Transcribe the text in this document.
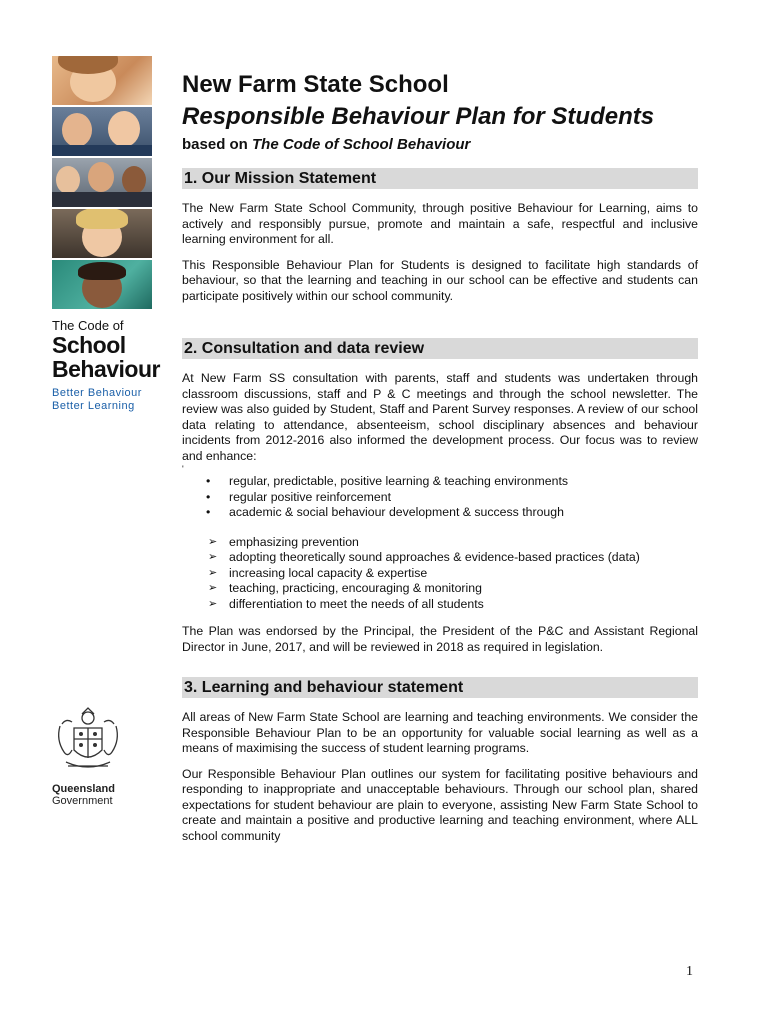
The Code of
School
Behaviour
Better Behaviour
Better Learning
Queensland
Government
New Farm State School
Responsible Behaviour Plan for Students
based on The Code of School Behaviour
1. Our Mission Statement

The New Farm State School Community, through positive Behaviour for Learning, aims to actively and responsibly pursue, promote and maintain a safe, respectful and inclusive learning environment for all.

This Responsible Behaviour Plan for Students is designed to facilitate high standards of behaviour, so that the learning and teaching in our school can be effective and students can participate positively within our school community.

2. Consultation and data review

At New Farm SS consultation with parents, staff and students was undertaken through classroom discussions, staff and P & C meetings and through the school newsletter. The review was also guided by Student, Staff and Parent Survey responses. A review of our school data relating to attendance, absenteeism, school disciplinary absences and behaviour incidents from 2012-2016 also informed the development process. Our focus was to review and enhance:

'
• regular, predictable, positive learning & teaching environments
• regular positive reinforcement
• academic & social behaviour development & success through
➢ emphasizing prevention
➢ adopting theoretically sound approaches & evidence-based practices (data)
➢ increasing local capacity & expertise
➢ teaching, practicing, encouraging & monitoring
➢ differentiation to meet the needs of all students

The Plan was endorsed by the Principal, the President of the P&C and Assistant Regional Director in June, 2017, and will be reviewed in 2018 as required in legislation.

3. Learning and behaviour statement

All areas of New Farm State School are learning and teaching environments. We consider the Responsible Behaviour Plan to be an opportunity for valuable social learning as well as a means of maximising the success of student learning programs.

Our Responsible Behaviour Plan outlines our system for facilitating positive behaviours and responding to inappropriate and unacceptable behaviours. Through our school plan, shared expectations for student behaviour are plain to everyone, assisting New Farm State School to create and maintain a positive and productive learning and teaching environment, where ALL school community

1
